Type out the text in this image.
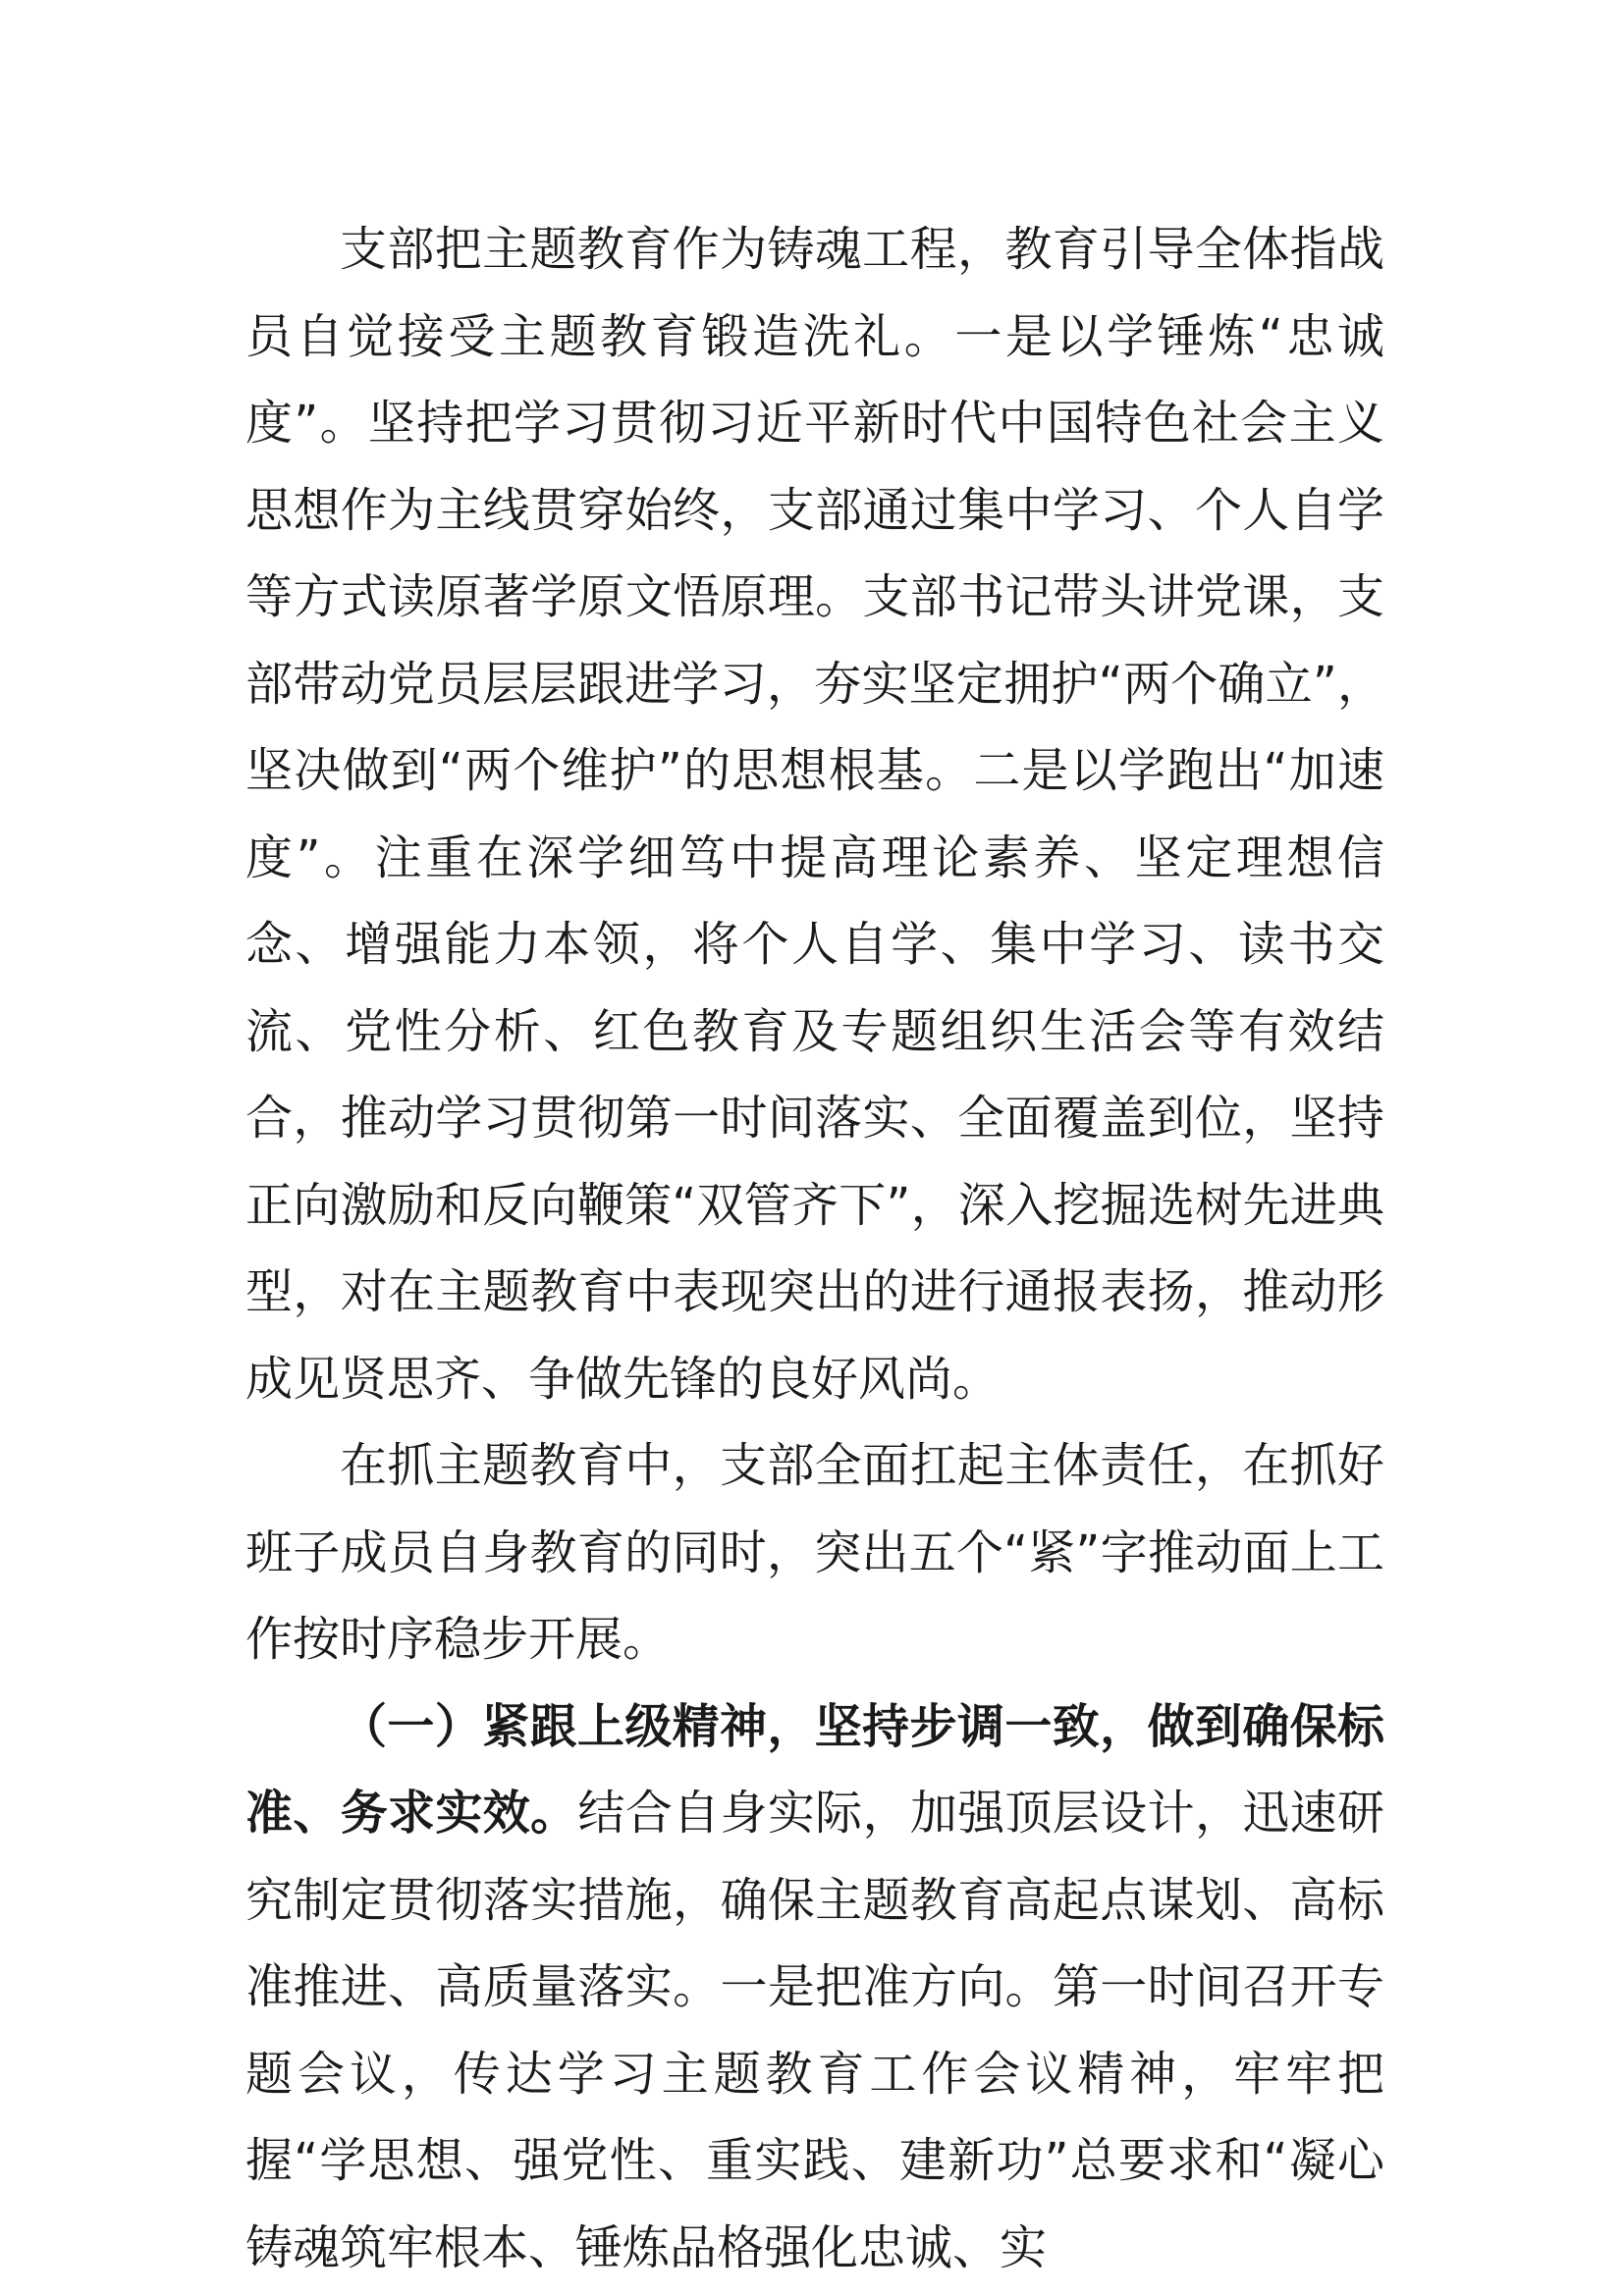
支部把主题教育作为铸魂工程，教育引导全体指战员自觉接受主题教育锻造洗礼。一是以学锤炼“忠诚度”。坚持把学习贯彻习近平新时代中国特色社会主义思想作为主线贯穿始终，支部通过集中学习、个人自学等方式读原著学原文悟原理。支部书记带头讲党课，支部带动党员层层跟进学习，夯实坚定拥护“两个确立”，坚决做到“两个维护”的思想根基。二是以学跑出“加速度”。注重在深学细笃中提高理论素养、坚定理想信念、增强能力本领，将个人自学、集中学习、读书交流、党性分析、红色教育及专题组织生活会等有效结合，推动学习贯彻第一时间落实、全面覆盖到位，坚持正向激励和反向鞭策“双管齐下”，深入挖掘选树先进典型，对在主题教育中表现突出的进行通报表扬，推动形成见贤思齐、争做先锋的良好风尚。

在抓主题教育中，支部全面扛起主体责任，在抓好班子成员自身教育的同时，突出五个“紧”字推动面上工作按时序稳步开展。

（一）紧跟上级精神，坚持步调一致，做到确保标准、务求实效。结合自身实际，加强顶层设计，迅速研究制定贯彻落实措施，确保主题教育高起点谋划、高标准推进、高质量落实。一是把准方向。第一时间召开专题会议，传达学习主题教育工作会议精神，牢牢把握“学思想、强党性、重实践、建新功”总要求和“凝心铸魂筑牢根本、锤炼品格强化忠诚、实
